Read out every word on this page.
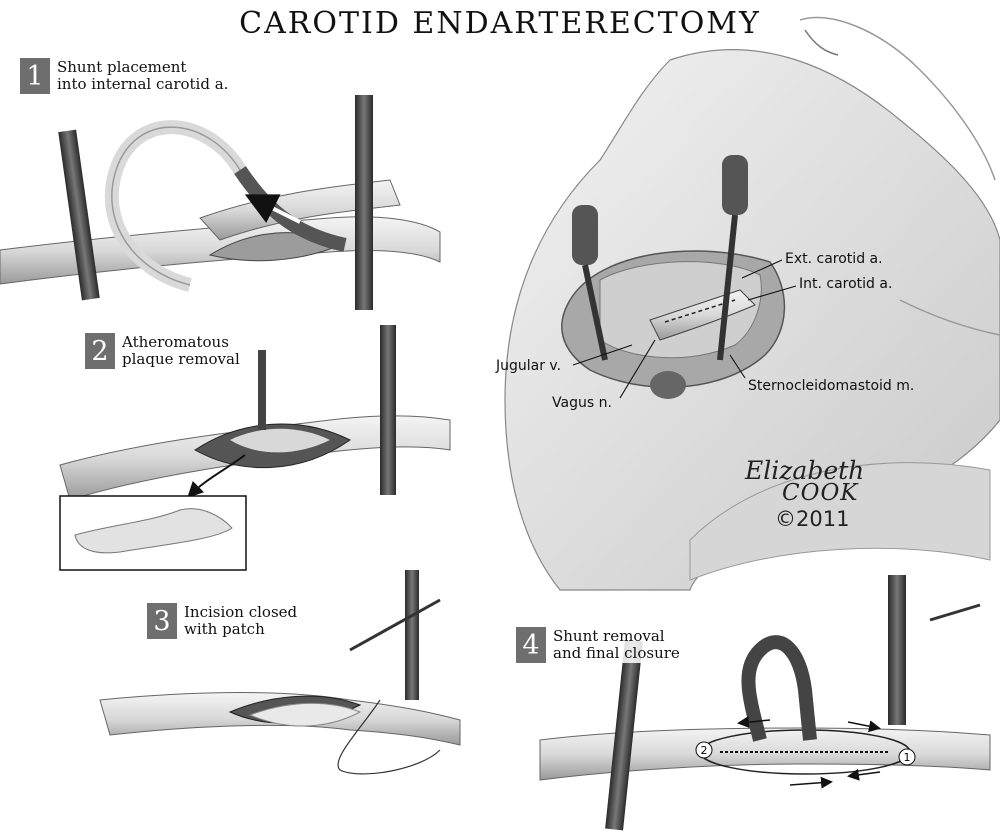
2
1
CAROTID ENDARTERECTOMY
1 Shunt placement
into internal carotid a.
2 Atheromatous
plaque removal
3 Incision closed
with patch
4 Shunt removal
and final closure
Ext. carotid a.
Int. carotid a.
Jugular v.
Vagus n.
Sternocleidomastoid m.
Elizabeth
COOK
©2011
